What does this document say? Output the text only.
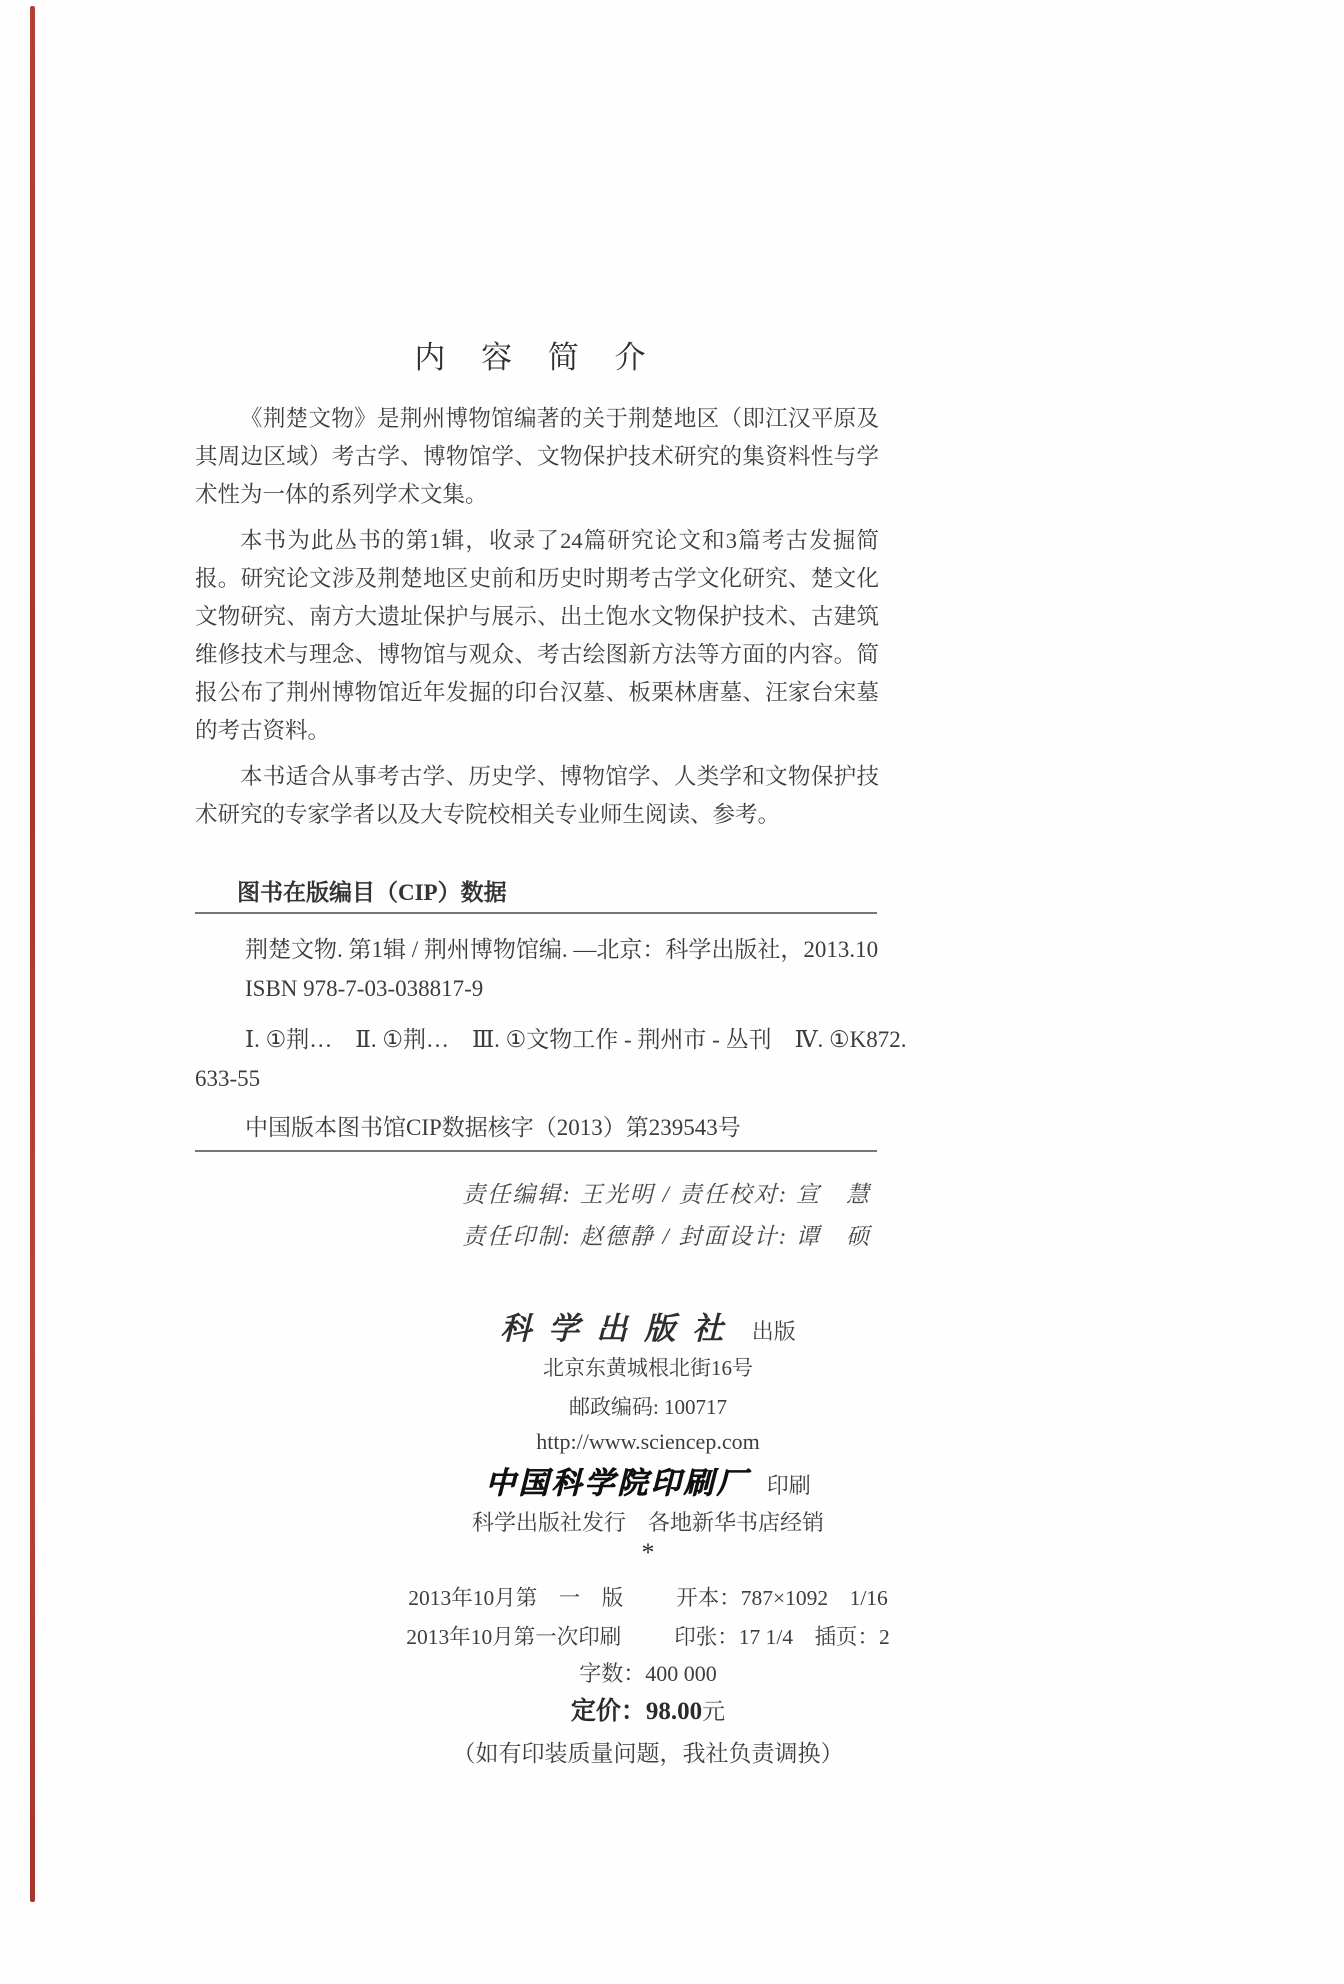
内 容 简 介

《荆楚文物》是荆州博物馆编著的关于荆楚地区（即江汉平原及其周边区域）考古学、博物馆学、文物保护技术研究的集资料性与学术性为一体的系列学术文集。

本书为此丛书的第1辑，收录了24篇研究论文和3篇考古发掘简报。研究论文涉及荆楚地区史前和历史时期考古学文化研究、楚文化文物研究、南方大遗址保护与展示、出土饱水文物保护技术、古建筑维修技术与理念、博物馆与观众、考古绘图新方法等方面的内容。简报公布了荆州博物馆近年发掘的印台汉墓、板栗林唐墓、汪家台宋墓的考古资料。

本书适合从事考古学、历史学、博物馆学、人类学和文物保护技术研究的专家学者以及大专院校相关专业师生阅读、参考。

图书在版编目（CIP）数据
荆楚文物. 第1辑 / 荆州博物馆编. —北京：科学出版社，2013.10
ISBN 978-7-03-038817-9
Ⅰ. ①荆…　Ⅱ. ①荆…　Ⅲ. ①文物工作 - 荆州市 - 丛刊　Ⅳ. ①K872.
633-55
中国版本图书馆CIP数据核字（2013）第239543号
责任编辑: 王光明 / 责任校对: 宣　慧
责任印制: 赵德静 / 封面设计: 谭　硕
科学出版社 出版
北京东黄城根北街16号
邮政编码: 100717
http://www.sciencep.com
中国科学院印刷厂 印刷
科学出版社发行　各地新华书店经销
*
2013年10月第　一　版	开本：787×1092　1/16
2013年10月第一次印刷	印张：17 1/4　插页：2
字数：400 000
定价：98.00元
（如有印装质量问题，我社负责调换）
